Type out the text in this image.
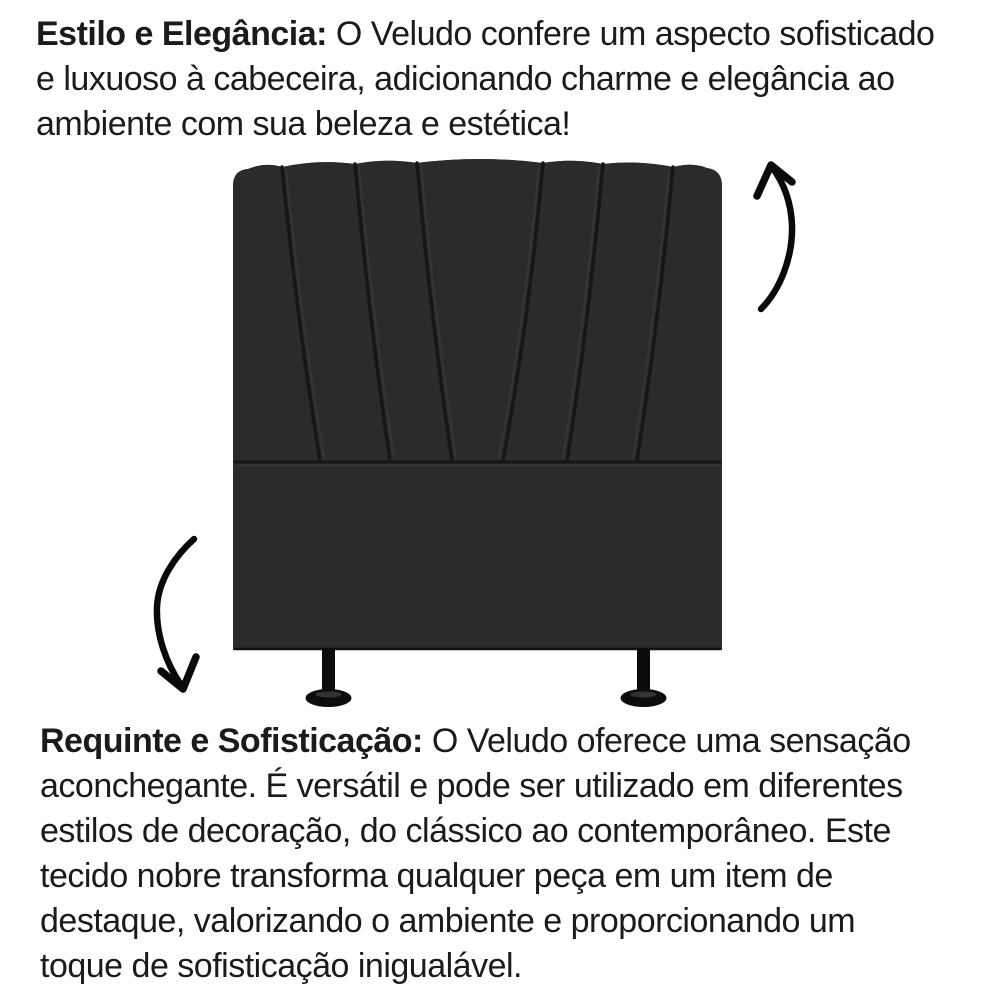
Estilo e Elegância: O Veludo confere um aspecto sofisticado
e luxuoso à cabeceira, adicionando charme e elegância ao
ambiente com sua beleza e estética!
Requinte e Sofisticação: O Veludo oferece uma sensação
aconchegante. É versátil e pode ser utilizado em diferentes
estilos de decoração, do clássico ao contemporâneo. Este
tecido nobre transforma qualquer peça em um item de
destaque, valorizando o ambiente e proporcionando um
toque de sofisticação inigualável.
